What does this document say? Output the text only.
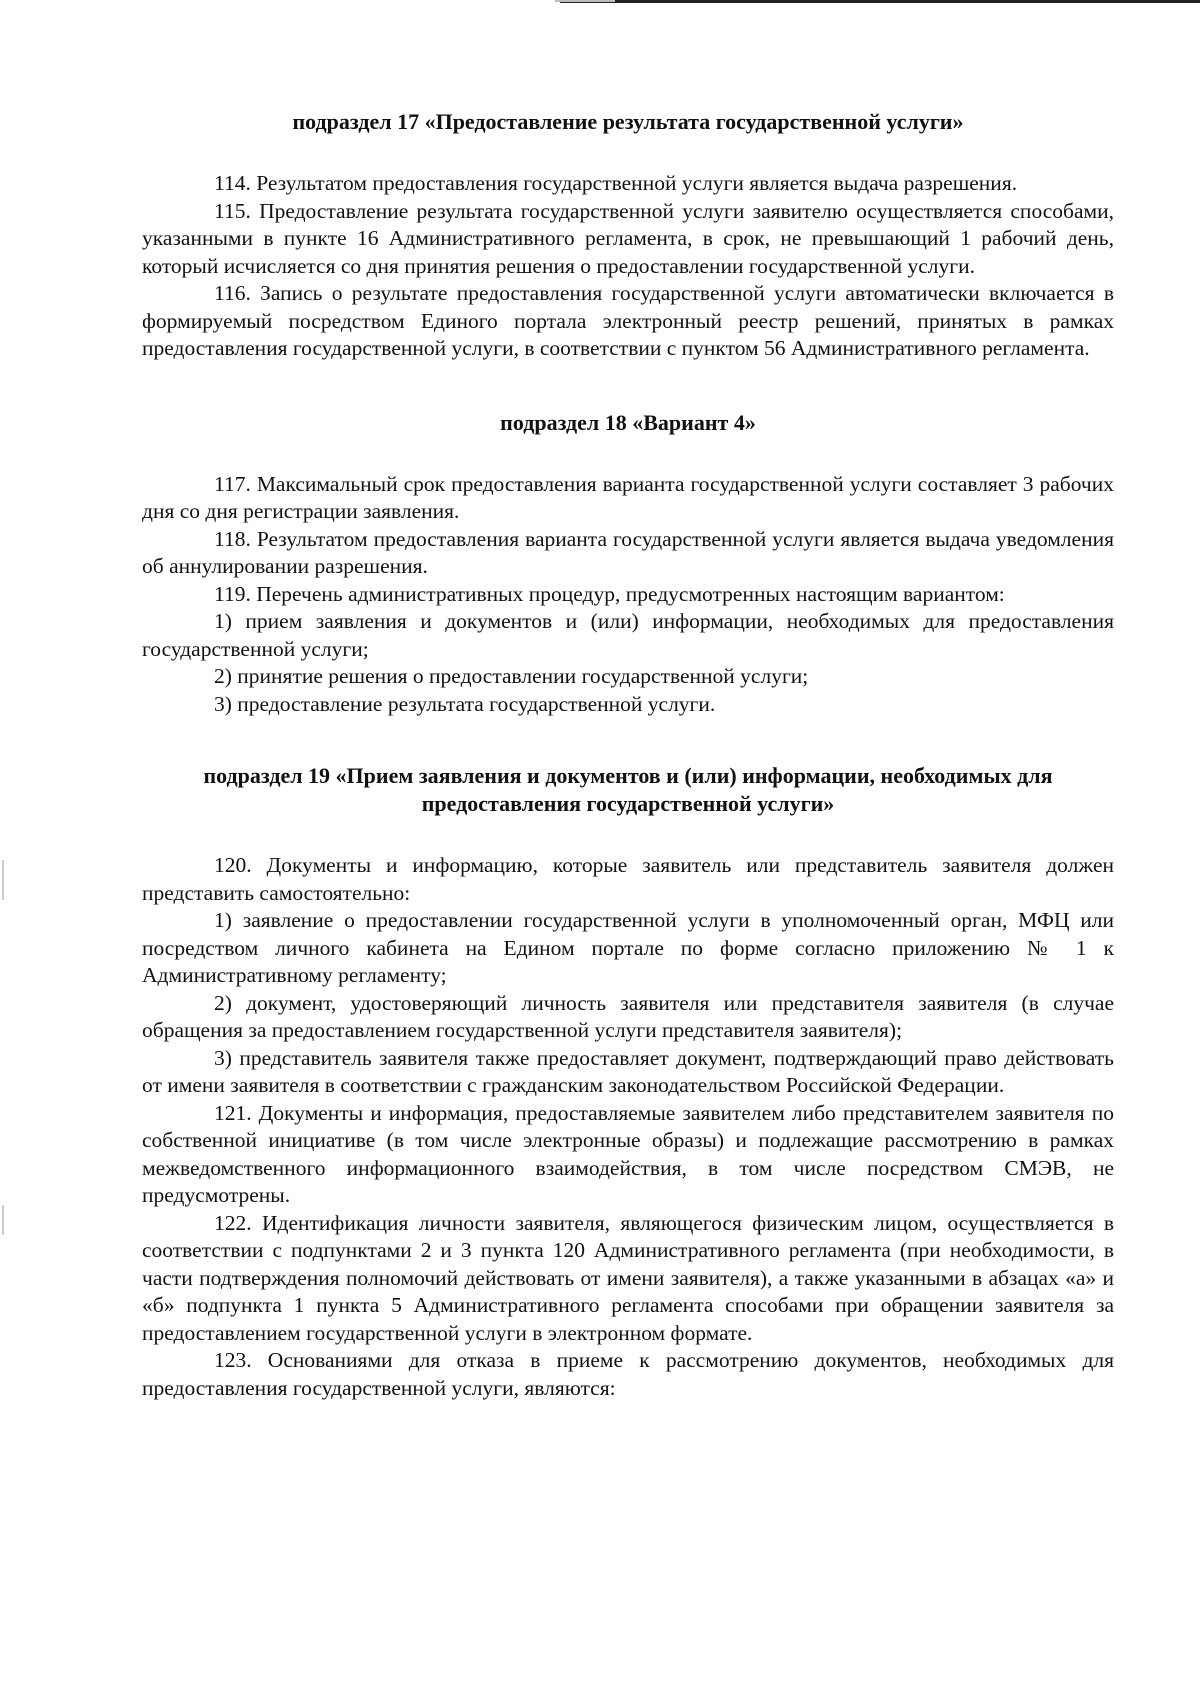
подраздел 17 «Предоставление результата государственной услуги»

114. Результатом предоставления государственной услуги является выдача разрешения.

115. Предоставление результата государственной услуги заявителю осуществляется способами, указанными в пункте 16 Административного регламента, в срок, не превышающий 1 рабочий день, который исчисляется со дня принятия решения о предоставлении государственной услуги.

116. Запись о результате предоставления государственной услуги автоматически включается в формируемый посредством Единого портала электронный реестр решений, принятых в рамках предоставления государственной услуги, в соответствии с пунктом 56 Административного регламента.

подраздел 18 «Вариант 4»

117. Максимальный срок предоставления варианта государственной услуги составляет 3 рабочих дня со дня регистрации заявления.

118. Результатом предоставления варианта государственной услуги является выдача уведомления об аннулировании разрешения.

119. Перечень административных процедур, предусмотренных настоящим вариантом:

1) прием заявления и документов и (или) информации, необходимых для предоставления государственной услуги;

2) принятие решения о предоставлении государственной услуги;

3) предоставление результата государственной услуги.

подраздел 19 «Прием заявления и документов и (или) информации, необходимых для
предоставления государственной услуги»

120. Документы и информацию, которые заявитель или представитель заявителя должен представить самостоятельно:

1) заявление о предоставлении государственной услуги в уполномоченный орган, МФЦ или посредством личного кабинета на Едином портале по форме согласно приложению № 1 к Административному регламенту;

2) документ, удостоверяющий личность заявителя или представителя заявителя (в случае обращения за предоставлением государственной услуги представителя заявителя);

3) представитель заявителя также предоставляет документ, подтверждающий право действовать от имени заявителя в соответствии с гражданским законодательством Российской Федерации.

121. Документы и информация, предоставляемые заявителем либо представителем заявителя по собственной инициативе (в том числе электронные образы) и подлежащие рассмотрению в рамках межведомственного информационного взаимодействия, в том числе посредством СМЭВ, не предусмотрены.

122. Идентификация личности заявителя, являющегося физическим лицом, осуществляется в соответствии с подпунктами 2 и 3 пункта 120 Административного регламента (при необходимости, в части подтверждения полномочий действовать от имени заявителя), а также указанными в абзацах «а» и «б» подпункта 1 пункта 5 Административного регламента способами при обращении заявителя за предоставлением государственной услуги в электронном формате.

123. Основаниями для отказа в приеме к рассмотрению документов, необходимых для предоставления государственной услуги, являются:
